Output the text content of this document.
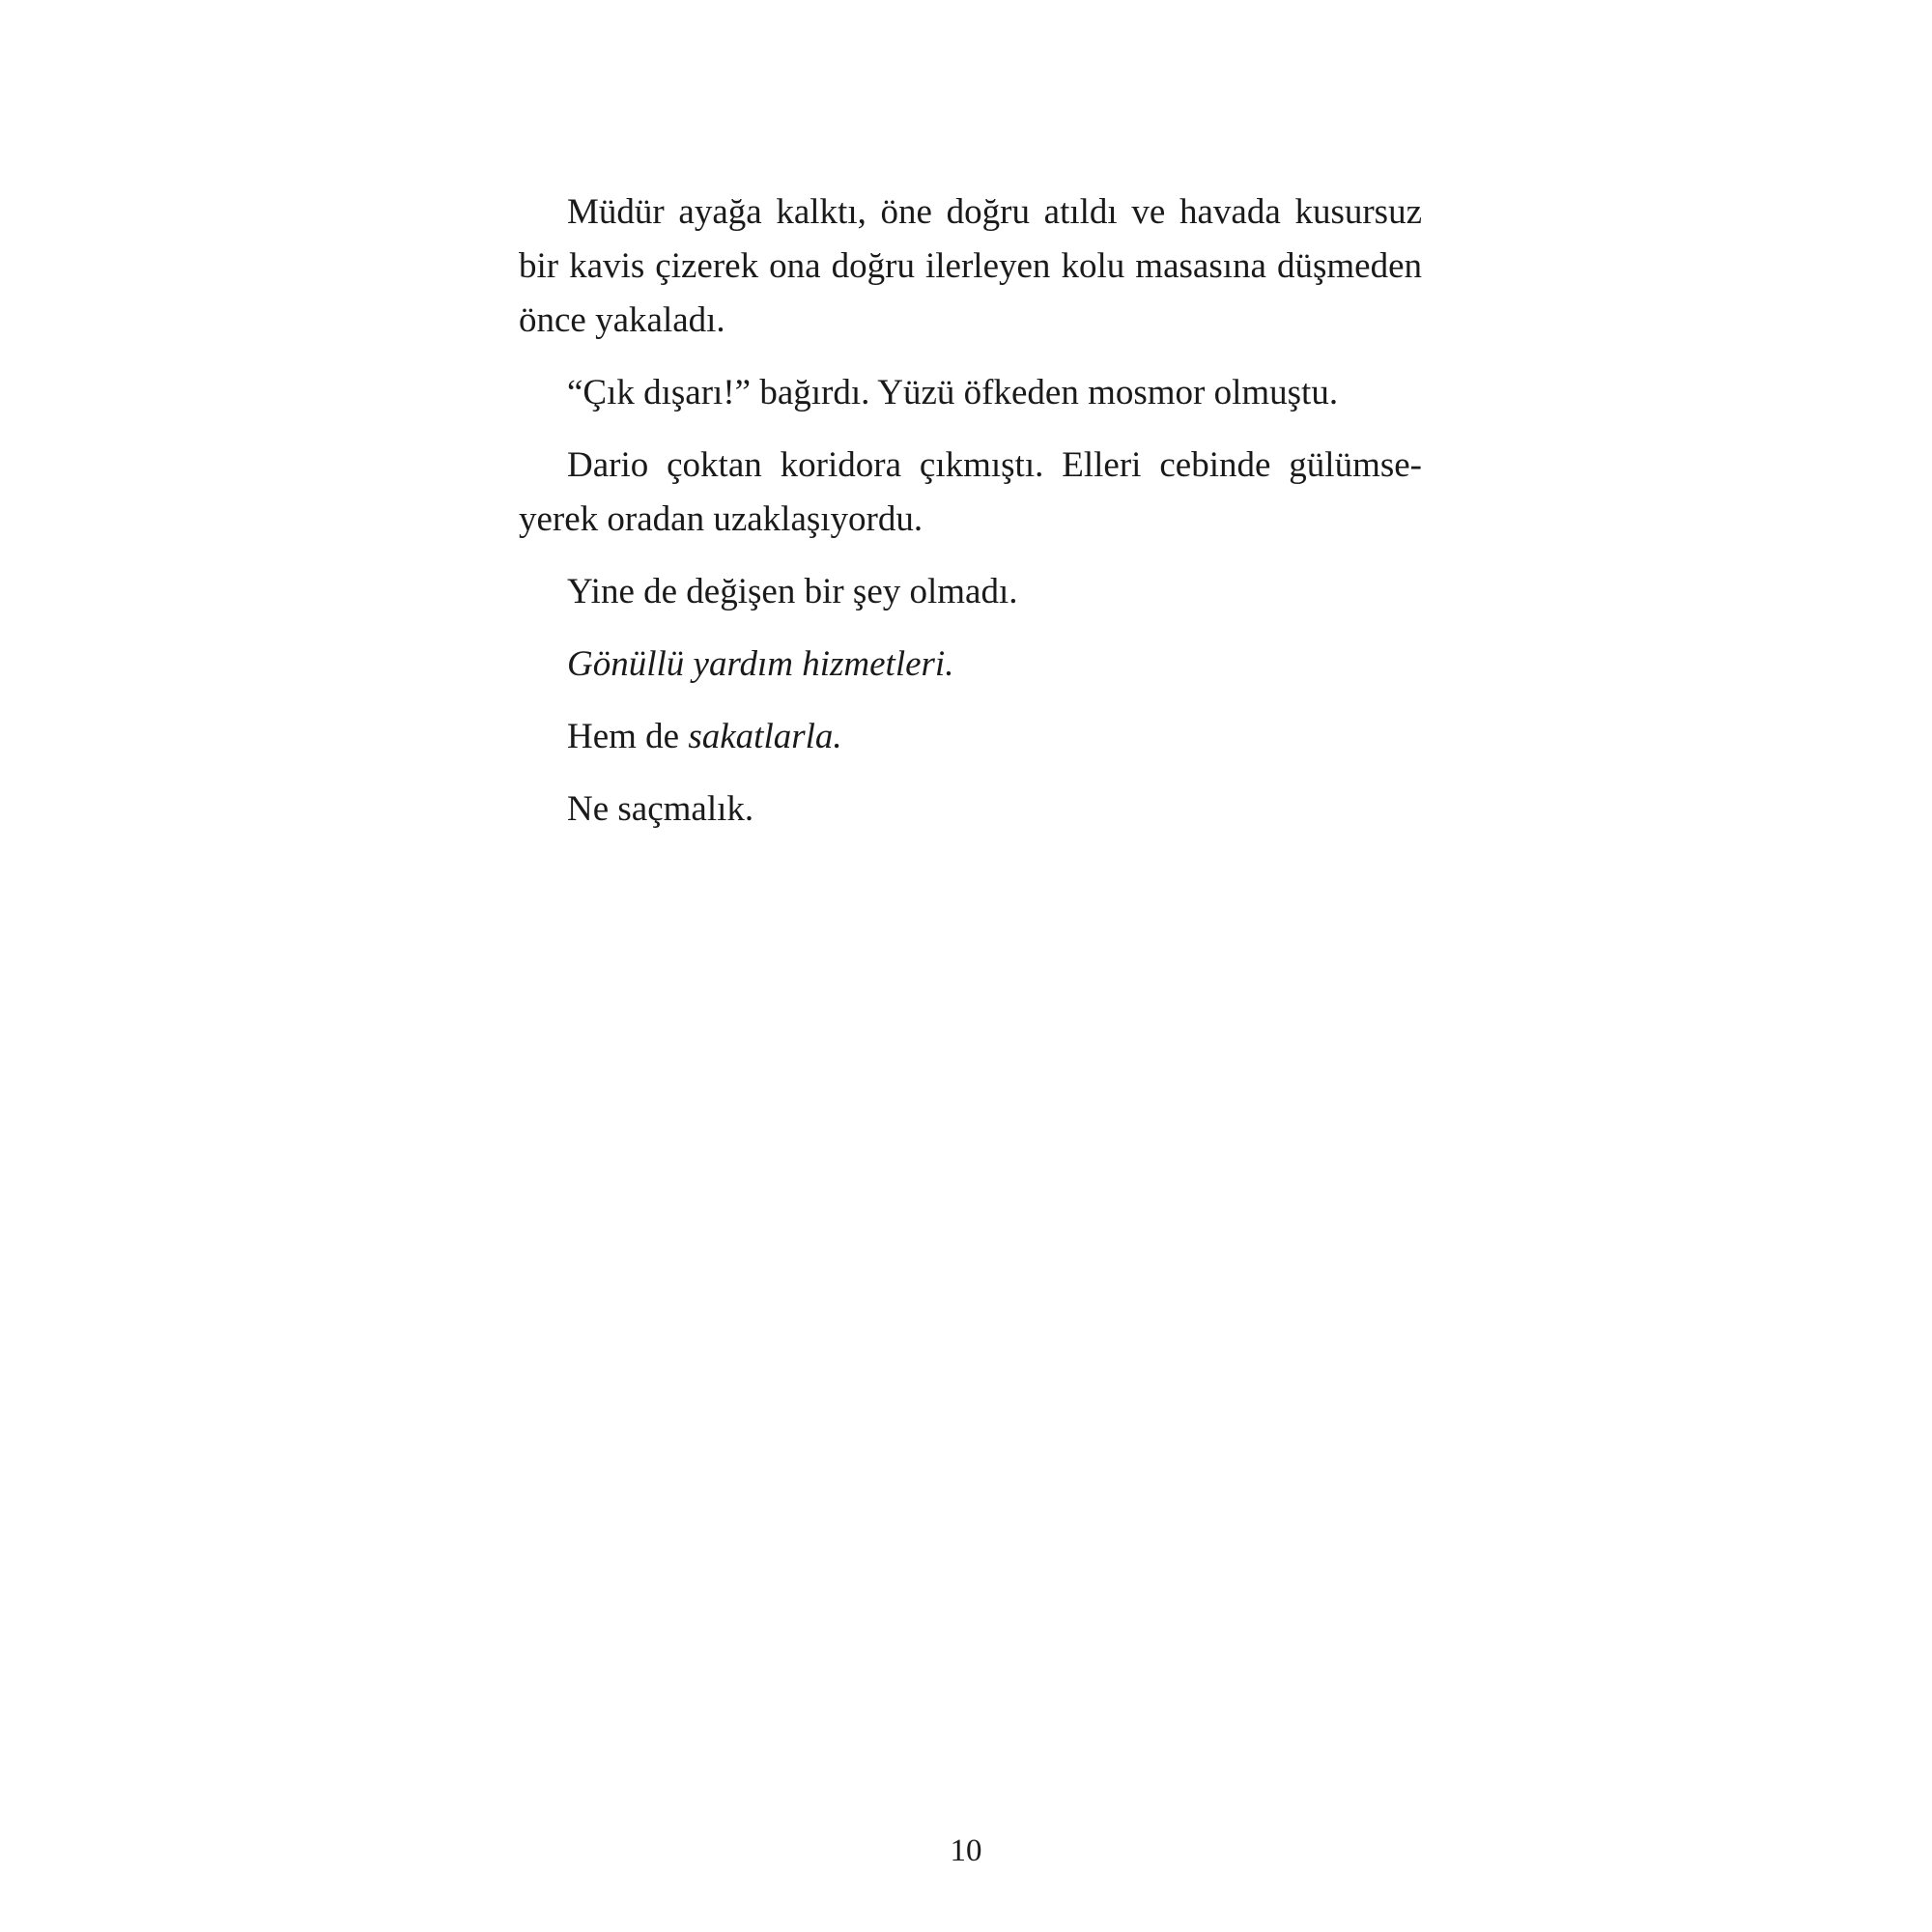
Müdür ayağa kalktı, öne doğru atıldı ve havada kusursuz bir kavis çizerek ona doğru ilerleyen kolu masasına düşmeden önce yakaladı.

“Çık dışarı!” bağırdı. Yüzü öfkeden mosmor olmuştu.

Dario çoktan koridora çıkmıştı. Elleri cebinde gülümse-yerek oradan uzaklaşıyordu.

Yine de değişen bir şey olmadı.

Gönüllü yardım hizmetleri.

Hem de sakatlarla.

Ne saçmalık.

10
